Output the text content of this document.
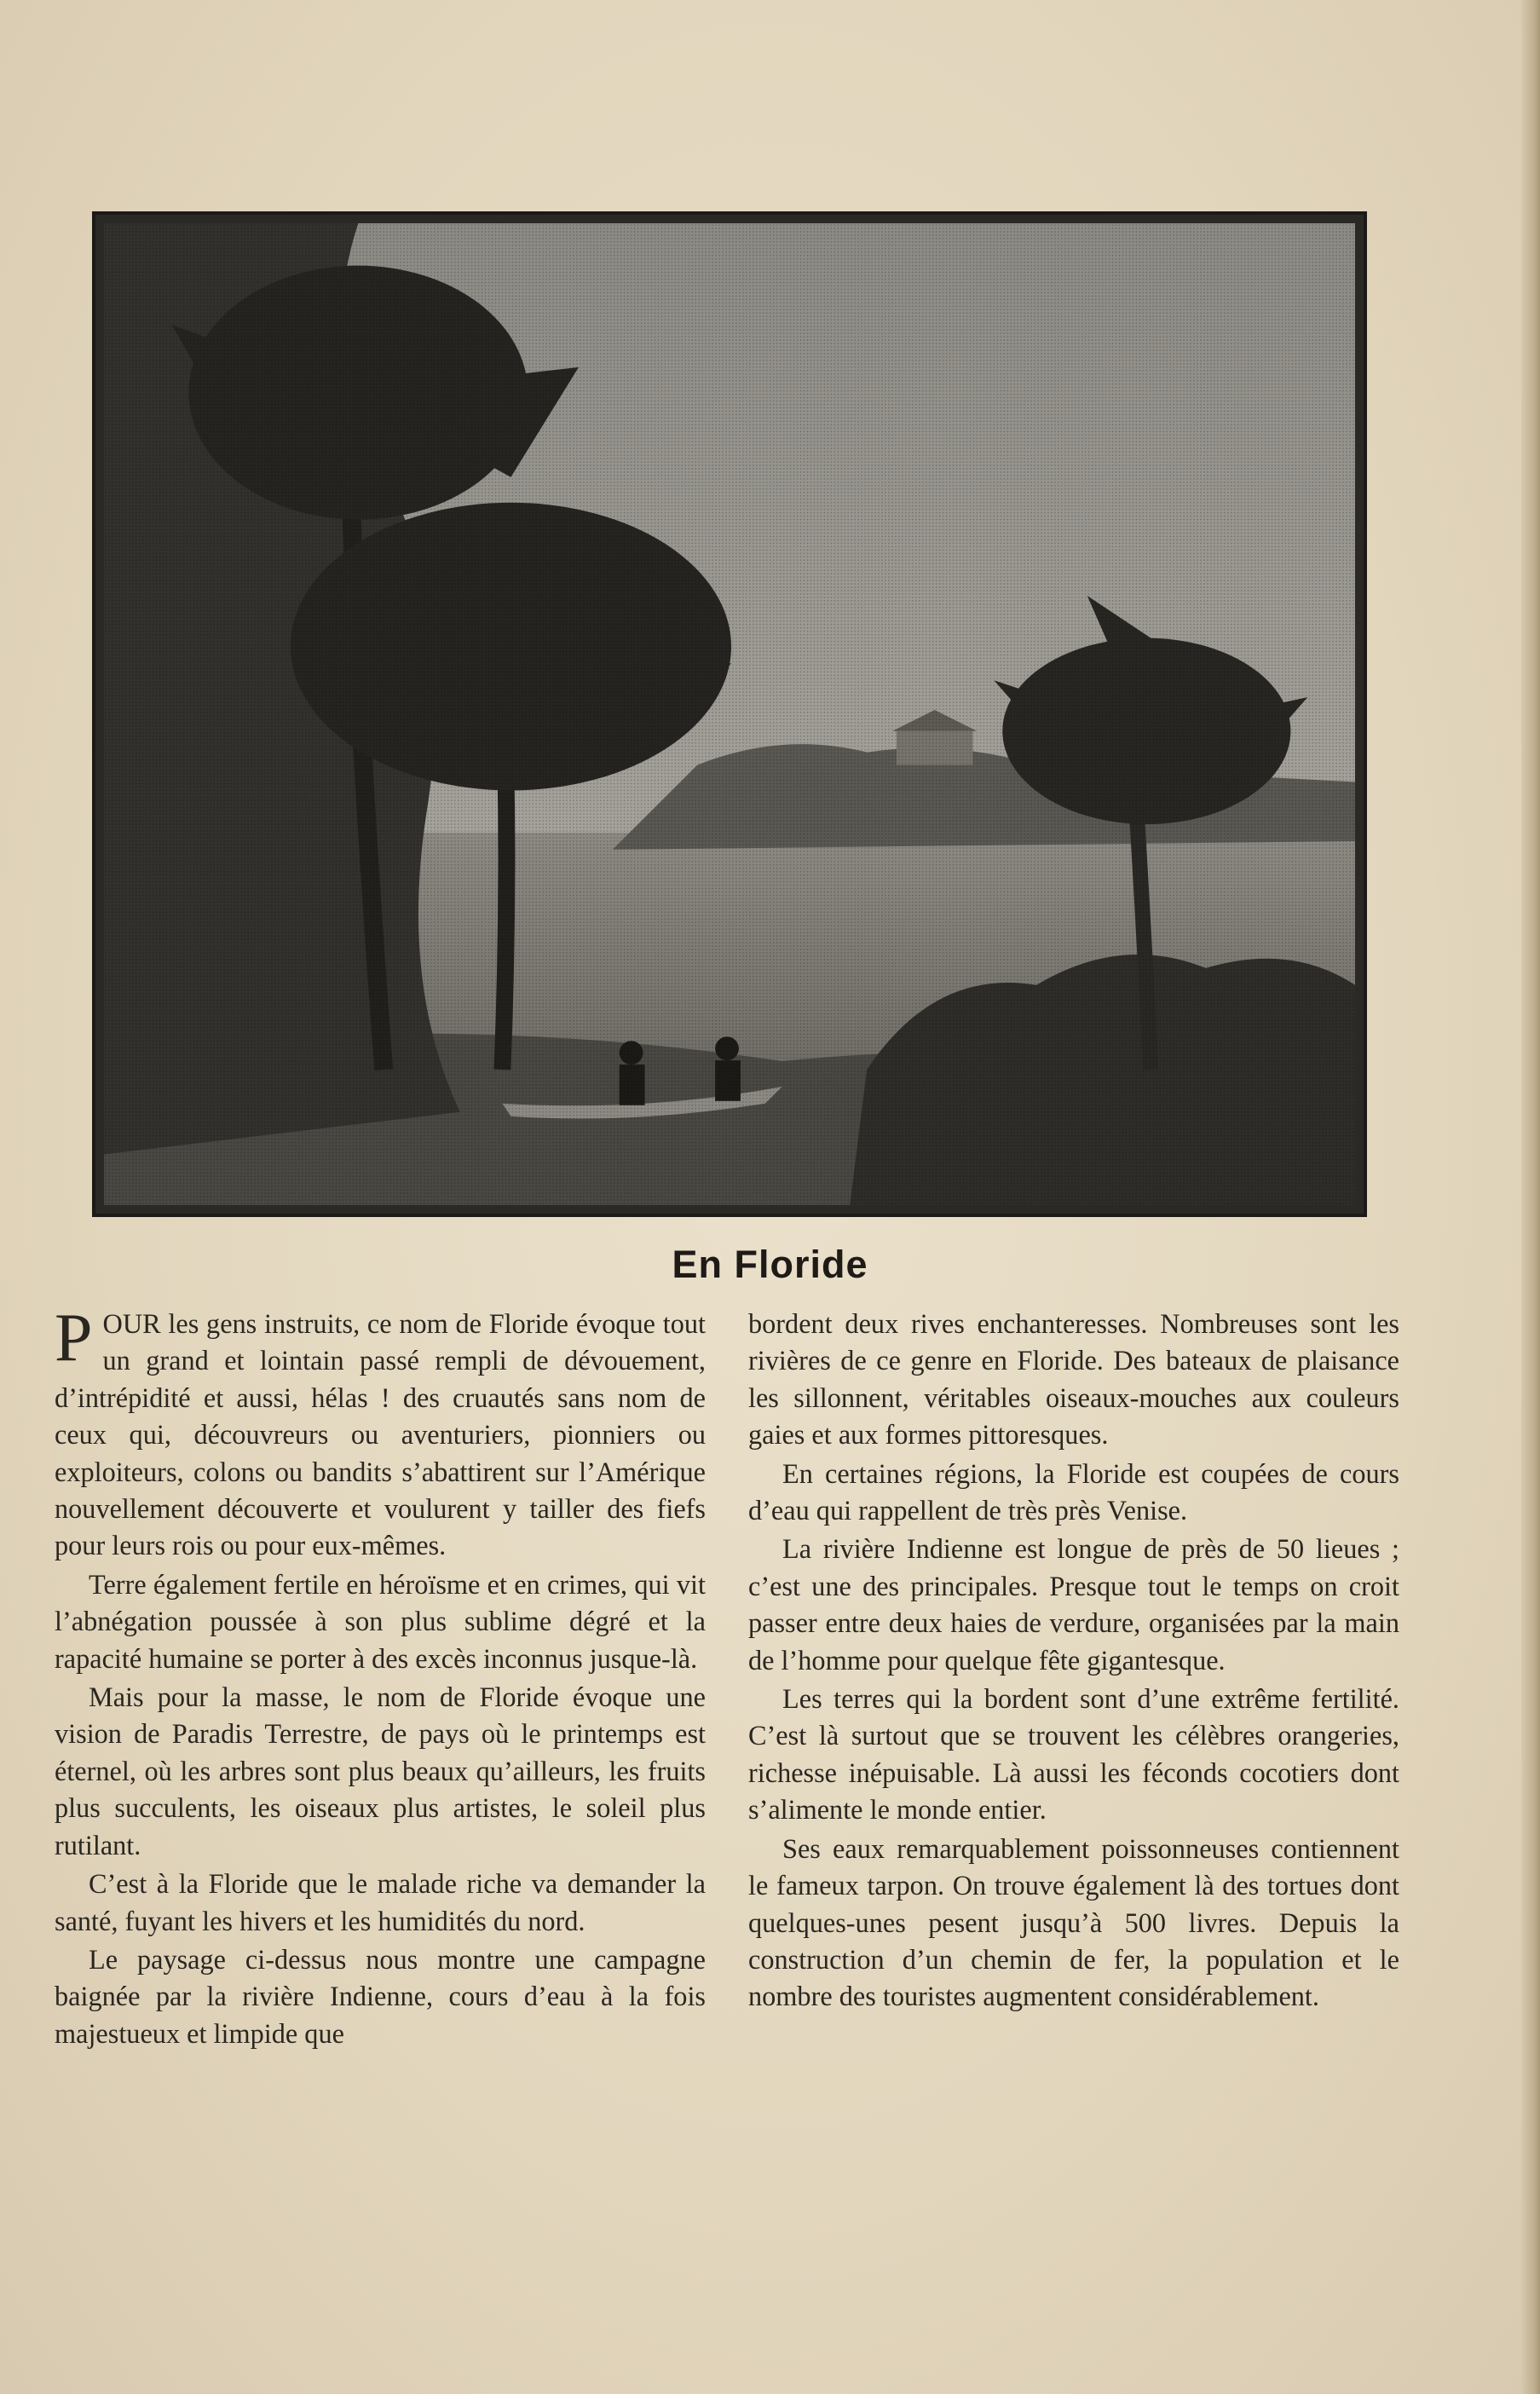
En Floride

POUR les gens instruits, ce nom de Floride évoque tout un grand et lointain passé rempli de dévouement, d’intrépidité et aussi, hélas ! des cruautés sans nom de ceux qui, découvreurs ou aventuriers, pionniers ou exploiteurs, colons ou bandits s’abattirent sur l’Amérique nouvellement découverte et voulurent y tailler des fiefs pour leurs rois ou pour eux-mêmes.

Terre également fertile en héroïsme et en crimes, qui vit l’abnégation poussée à son plus sublime dégré et la rapacité humaine se porter à des excès inconnus jusque-là.

Mais pour la masse, le nom de Floride évoque une vision de Paradis Terrestre, de pays où le printemps est éternel, où les arbres sont plus beaux qu’ailleurs, les fruits plus succulents, les oiseaux plus artistes, le soleil plus rutilant.

C’est à la Floride que le malade riche va demander la santé, fuyant les hivers et les humidités du nord.

Le paysage ci-dessus nous montre une campagne baignée par la rivière Indienne, cours d’eau à la fois majestueux et limpide que

bordent deux rives enchanteresses. Nombreuses sont les rivières de ce genre en Floride. Des bateaux de plaisance les sillonnent, véritables oiseaux-mouches aux couleurs gaies et aux formes pittoresques.

En certaines régions, la Floride est coupées de cours d’eau qui rappellent de très près Venise.

La rivière Indienne est longue de près de 50 lieues ; c’est une des principales. Presque tout le temps on croit passer entre deux haies de verdure, organisées par la main de l’homme pour quelque fête gigantesque.

Les terres qui la bordent sont d’une extrême fertilité. C’est là surtout que se trouvent les célèbres orangeries, richesse inépuisable. Là aussi les féconds cocotiers dont s’alimente le monde entier.

Ses eaux remarquablement poissonneuses contiennent le fameux tarpon. On trouve également là des tortues dont quelques-unes pesent jusqu’à 500 livres. Depuis la construction d’un chemin de fer, la population et le nombre des touristes augmentent considérablement.
